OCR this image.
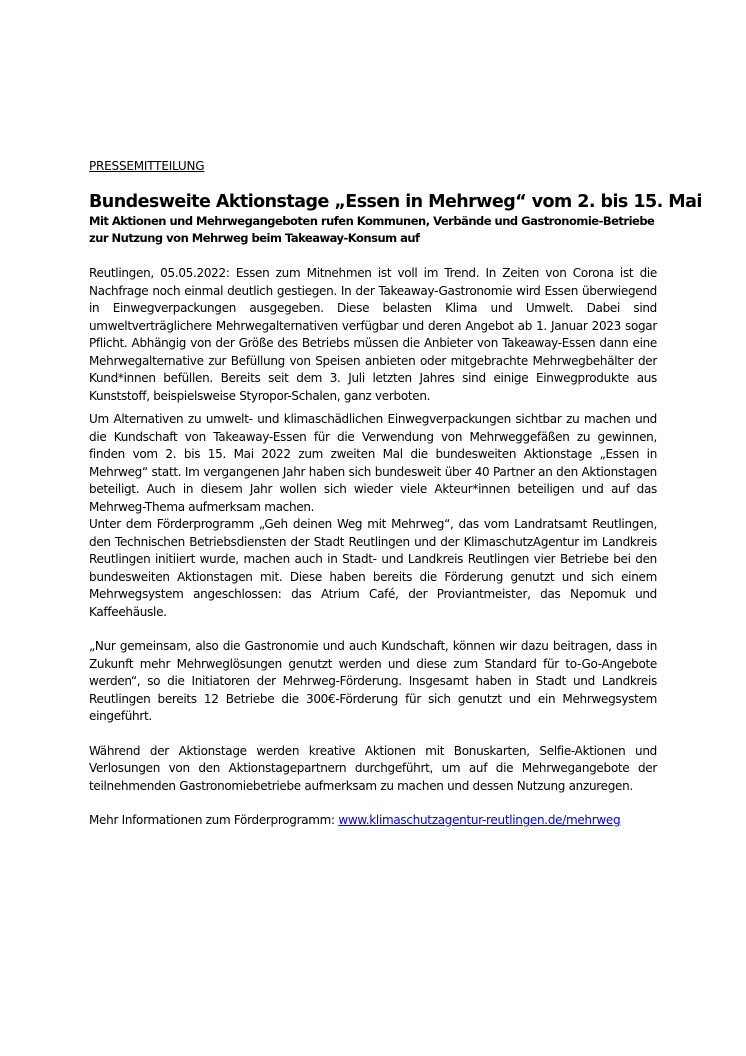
PRESSEMITTEILUNG

Bundesweite Aktionstage „Essen in Mehrweg“ vom 2. bis 15. Mai
Mit Aktionen und Mehrwegangeboten rufen Kommunen, Verbände und Gastronomie-Betriebe zur Nutzung von Mehrweg beim Takeaway-Konsum auf

Reutlingen, 05.05.2022: Essen zum Mitnehmen ist voll im Trend. In Zeiten von Corona ist die Nachfrage noch einmal deutlich gestiegen. In der Takeaway-Gastronomie wird Essen überwiegend in Einwegverpackungen ausgegeben. Diese belasten Klima und Umwelt. Dabei sind umweltverträglichere Mehrwegalternativen verfügbar und deren Angebot ab 1. Januar 2023 sogar Pflicht. Abhängig von der Größe des Betriebs müssen die Anbieter von Takeaway-Essen dann eine Mehrwegalternative zur Befüllung von Speisen anbieten oder mitgebrachte Mehrwegbehälter der Kund*innen befüllen. Bereits seit dem 3. Juli letzten Jahres sind einige Einwegprodukte aus Kunststoff, beispielsweise Styropor-Schalen, ganz verboten.

Um Alternativen zu umwelt- und klimaschädlichen Einwegverpackungen sichtbar zu machen und die Kundschaft von Takeaway-Essen für die Verwendung von Mehrweggefäßen zu gewinnen, finden vom 2. bis 15. Mai 2022 zum zweiten Mal die bundesweiten Aktionstage „Essen in Mehrweg“ statt. Im vergangenen Jahr haben sich bundesweit über 40 Partner an den Aktionstagen beteiligt. Auch in diesem Jahr wollen sich wieder viele Akteur*innen beteiligen und auf das Mehrweg-Thema aufmerksam machen.

Unter dem Förderprogramm „Geh deinen Weg mit Mehrweg“, das vom Landratsamt Reutlingen, den Technischen Betriebsdiensten der Stadt Reutlingen und der KlimaschutzAgentur im Landkreis Reutlingen initiiert wurde, machen auch in Stadt- und Landkreis Reutlingen vier Betriebe bei den bundesweiten Aktionstagen mit. Diese haben bereits die Förderung genutzt und sich einem Mehrwegsystem angeschlossen: das Atrium Café, der Proviantmeister, das Nepomuk und Kaffeehäusle.

„Nur gemeinsam, also die Gastronomie und auch Kundschaft, können wir dazu beitragen, dass in Zukunft mehr Mehrweglösungen genutzt werden und diese zum Standard für to-Go-Angebote werden“, so die Initiatoren der Mehrweg-Förderung. Insgesamt haben in Stadt und Landkreis Reutlingen bereits 12 Betriebe die 300€-Förderung für sich genutzt und ein Mehrwegsystem eingeführt.

Während der Aktionstage werden kreative Aktionen mit Bonuskarten, Selfie-Aktionen und Verlosungen von den Aktionstagepartnern durchgeführt, um auf die Mehrwegangebote der teilnehmenden Gastronomiebetriebe aufmerksam zu machen und dessen Nutzung anzuregen.

Mehr Informationen zum Förderprogramm: www.klimaschutzagentur-reutlingen.de/mehrweg
